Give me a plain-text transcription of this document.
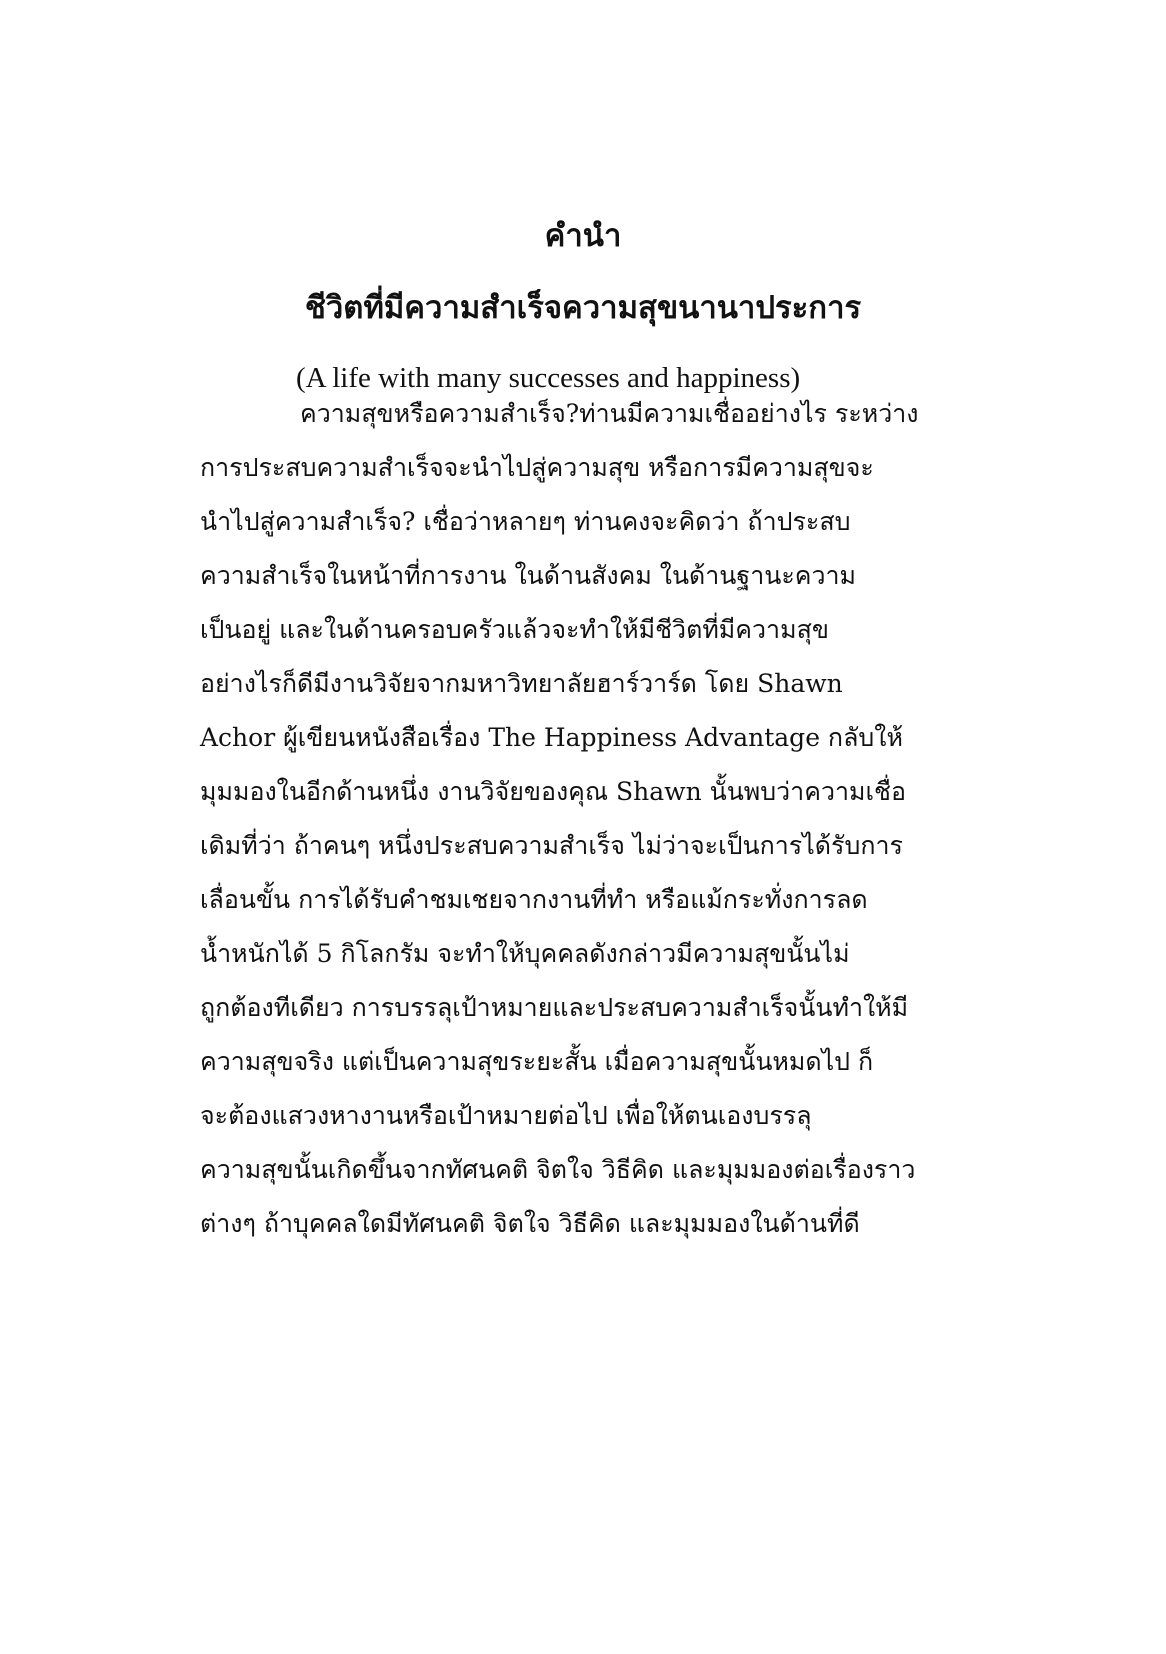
คำนำ
ชีวิตที่มีความสำเร็จความสุขนานาประการ
(A life with many successes and happiness)
ความสุขหรือความสำเร็จ?ท่านมีความเชื่ออย่างไร ระหว่าง
การประสบความสำเร็จจะนำไปสู่ความสุข หรือการมีความสุขจะ
นำไปสู่ความสำเร็จ? เชื่อว่าหลายๆ ท่านคงจะคิดว่า ถ้าประสบ
ความสำเร็จในหน้าที่การงาน ในด้านสังคม ในด้านฐานะความ
เป็นอยู่ และในด้านครอบครัวแล้วจะทำให้มีชีวิตที่มีความสุข
อย่างไรก็ดีมีงานวิจัยจากมหาวิทยาลัยฮาร์วาร์ด โดย Shawn
Achor ผู้เขียนหนังสือเรื่อง The Happiness Advantage กลับให้
มุมมองในอีกด้านหนึ่ง งานวิจัยของคุณ Shawn นั้นพบว่าความเชื่อ
เดิมที่ว่า ถ้าคนๆ หนึ่งประสบความสำเร็จ ไม่ว่าจะเป็นการได้รับการ
เลื่อนขั้น การได้รับคำชมเชยจากงานที่ทำ หรือแม้กระทั่งการลด
น้ำหนักได้ 5 กิโลกรัม จะทำให้บุคคลดังกล่าวมีความสุขนั้นไม่
ถูกต้องทีเดียว การบรรลุเป้าหมายและประสบความสำเร็จนั้นทำให้มี
ความสุขจริง แต่เป็นความสุขระยะสั้น เมื่อความสุขนั้นหมดไป ก็
จะต้องแสวงหางานหรือเป้าหมายต่อไป เพื่อให้ตนเองบรรลุ
ความสุขนั้นเกิดขึ้นจากทัศนคติ จิตใจ วิธีคิด และมุมมองต่อเรื่องราว
ต่างๆ ถ้าบุคคลใดมีทัศนคติ จิตใจ วิธีคิด และมุมมองในด้านที่ดี
